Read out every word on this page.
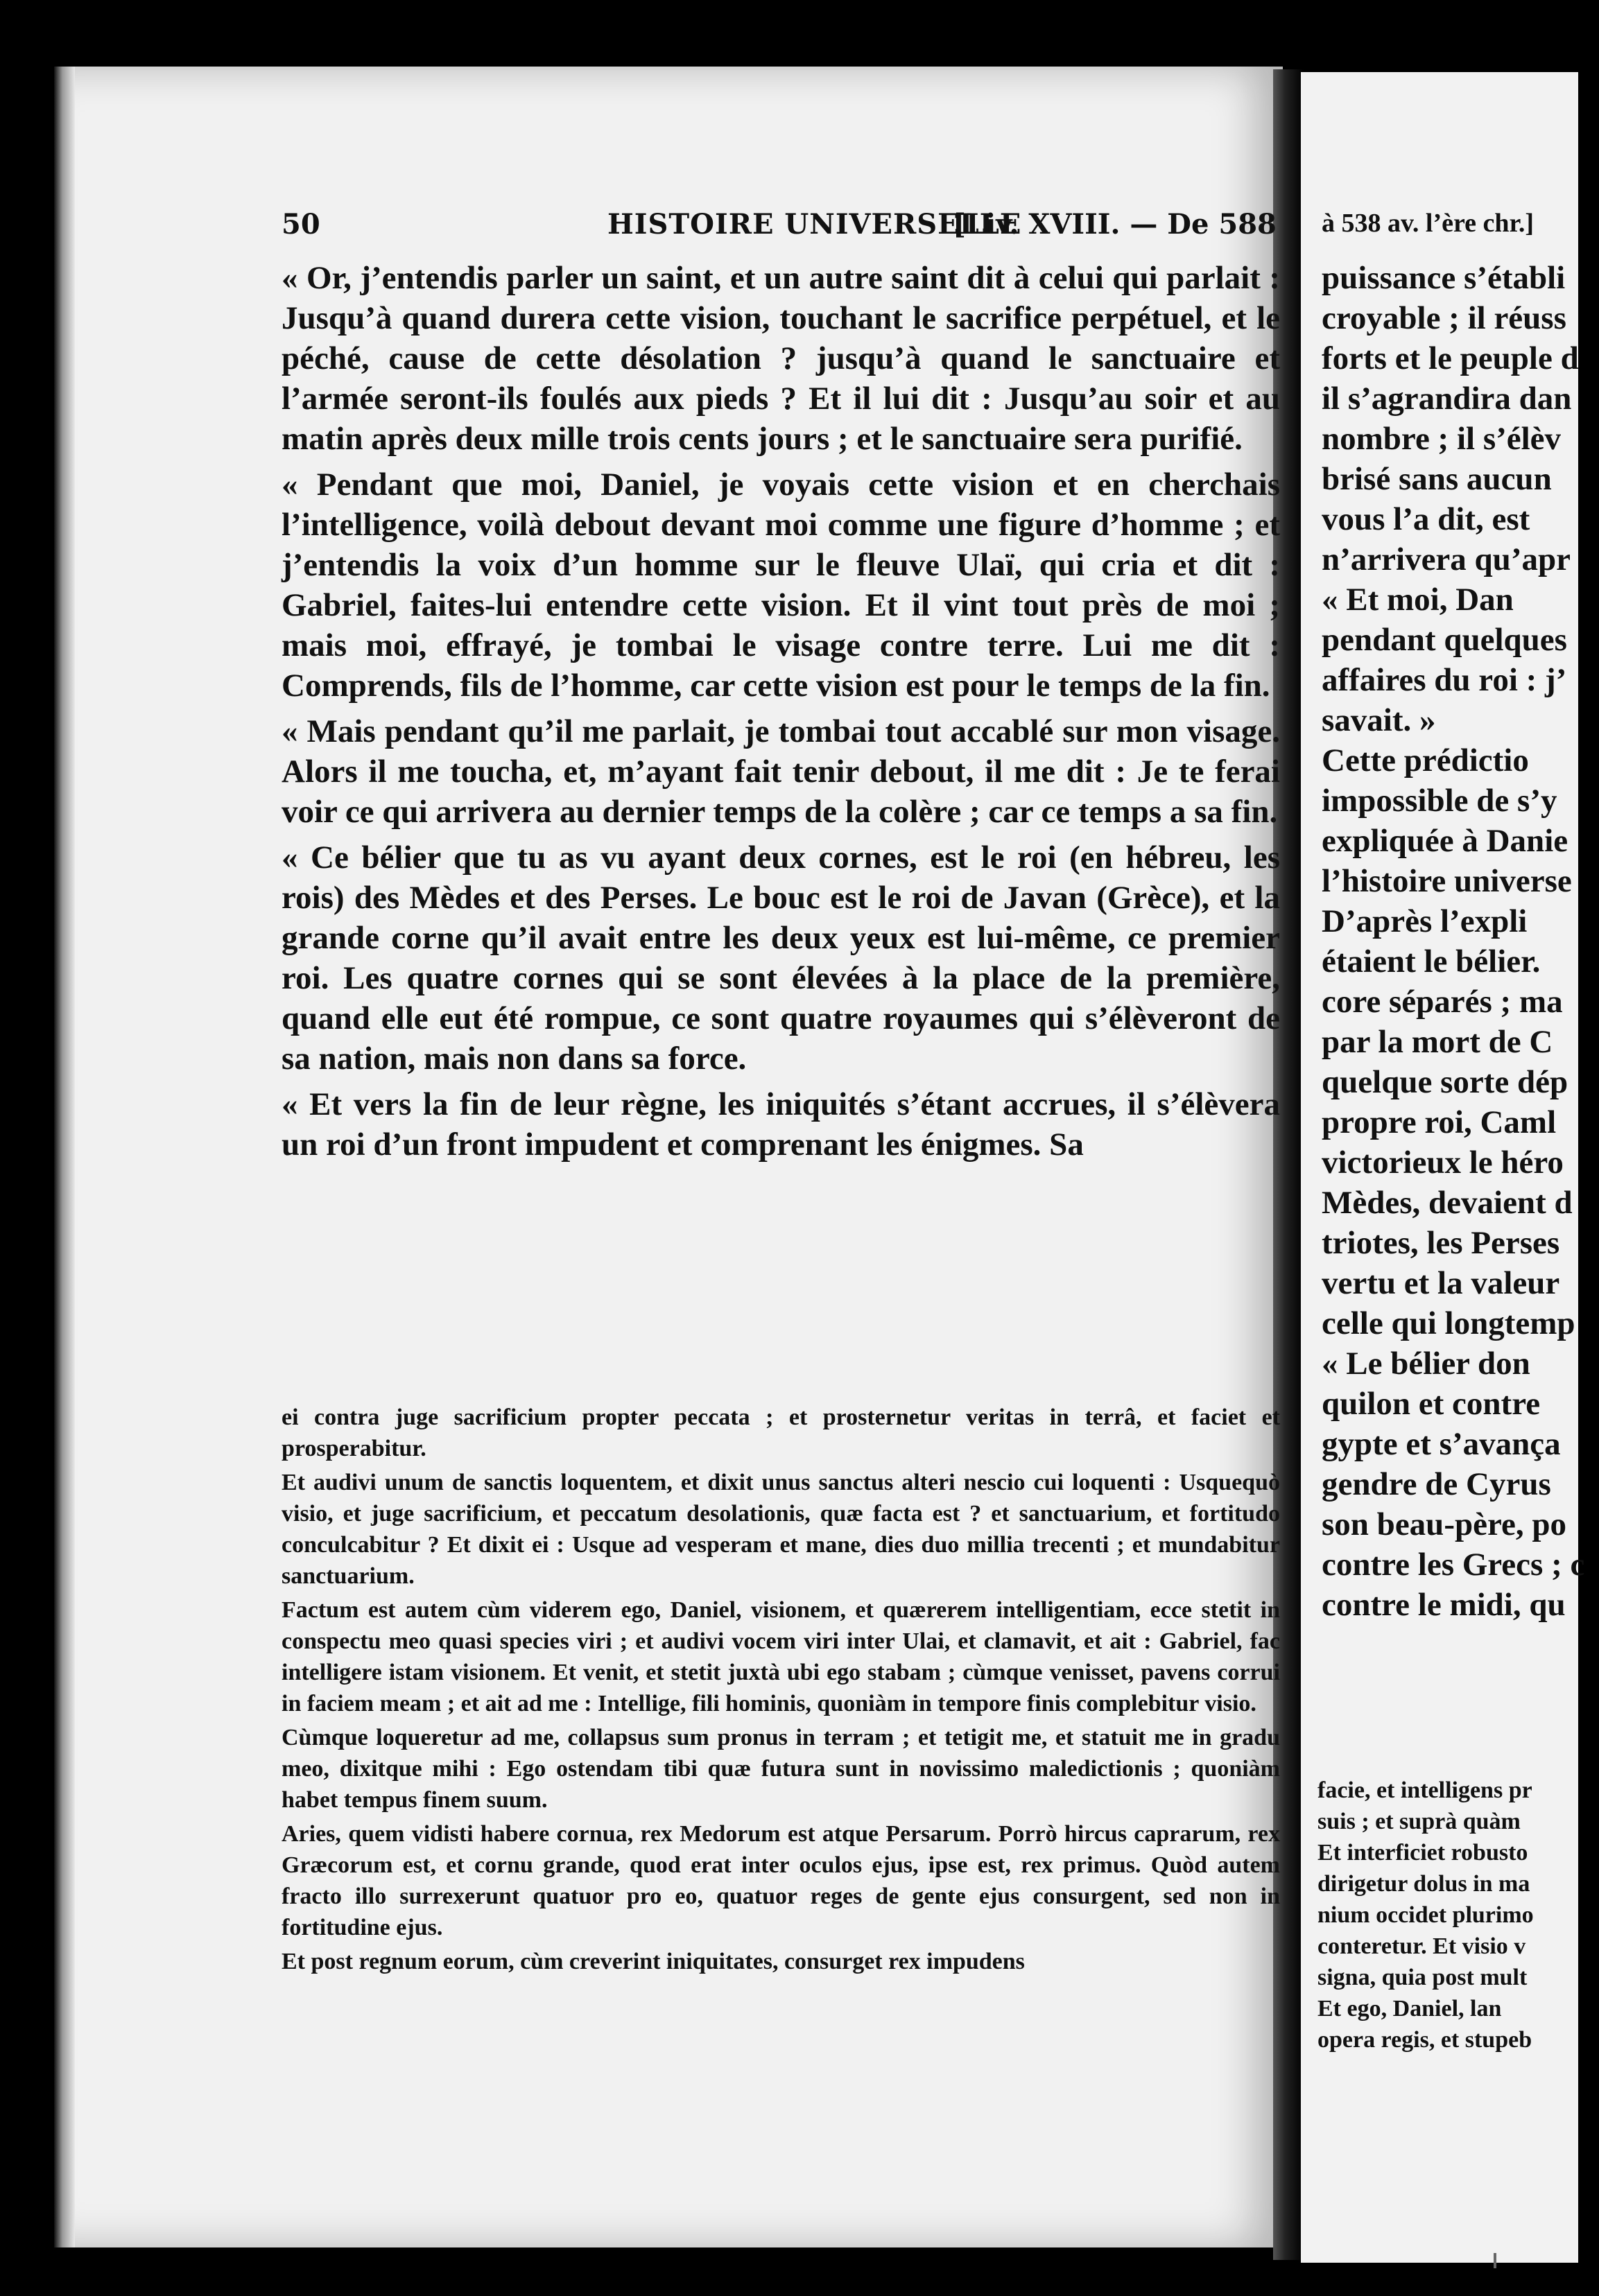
50	HISTOIRE UNIVERSELLE
[Liv. XVIII. — De 588

« Or, j’entendis parler un saint, et un autre saint dit à celui qui parlait : Jusqu’à quand durera cette vision, touchant le sacrifice perpétuel, et le péché, cause de cette désolation ? jusqu’à quand le sanctuaire et l’armée seront-ils foulés aux pieds ? Et il lui dit : Jusqu’au soir et au matin après deux mille trois cents jours ; et le sanctuaire sera purifié.

« Pendant que moi, Daniel, je voyais cette vision et en cherchais l’intelligence, voilà debout devant moi comme une figure d’homme ; et j’entendis la voix d’un homme sur le fleuve Ulaï, qui cria et dit : Gabriel, faites-lui entendre cette vision. Et il vint tout près de moi ; mais moi, effrayé, je tombai le visage contre terre. Lui me dit : Comprends, fils de l’homme, car cette vision est pour le temps de la fin.

« Mais pendant qu’il me parlait, je tombai tout accablé sur mon visage. Alors il me toucha, et, m’ayant fait tenir debout, il me dit : Je te ferai voir ce qui arrivera au dernier temps de la colère ; car ce temps a sa fin.

« Ce bélier que tu as vu ayant deux cornes, est le roi (en hébreu, les rois) des Mèdes et des Perses. Le bouc est le roi de Javan (Grèce), et la grande corne qu’il avait entre les deux yeux est lui-même, ce premier roi. Les quatre cornes qui se sont élevées à la place de la première, quand elle eut été rompue, ce sont quatre royaumes qui s’élèveront de sa nation, mais non dans sa force.

« Et vers la fin de leur règne, les iniquités s’étant accrues, il s’élèvera un roi d’un front impudent et comprenant les énigmes. Sa

ei contra juge sacrificium propter peccata ; et prosternetur veritas in terrâ, et faciet et prosperabitur.

Et audivi unum de sanctis loquentem, et dixit unus sanctus alteri nescio cui loquenti : Usquequò visio, et juge sacrificium, et peccatum desolationis, quæ facta est ? et sanctuarium, et fortitudo conculcabitur ? Et dixit ei : Usque ad vesperam et mane, dies duo millia trecenti ; et mundabitur sanctuarium.

Factum est autem cùm viderem ego, Daniel, visionem, et quærerem intelligentiam, ecce stetit in conspectu meo quasi species viri ; et audivi vocem viri inter Ulai, et clamavit, et ait : Gabriel, fac intelligere istam visionem. Et venit, et stetit juxtà ubi ego stabam ; cùmque venisset, pavens corrui in faciem meam ; et ait ad me : Intellige, fili hominis, quoniàm in tempore finis complebitur visio.

Cùmque loqueretur ad me, collapsus sum pronus in terram ; et tetigit me, et statuit me in gradu meo, dixitque mihi : Ego ostendam tibi quæ futura sunt in novissimo maledictionis ; quoniàm habet tempus finem suum.

Aries, quem vidisti habere cornua, rex Medorum est atque Persarum. Porrò hircus caprarum, rex Græcorum est, et cornu grande, quod erat inter oculos ejus, ipse est, rex primus. Quòd autem fracto illo surrexerunt quatuor pro eo, quatuor reges de gente ejus consurgent, sed non in fortitudine ejus.

Et post regnum eorum, cùm creverint iniquitates, consurget rex impudens

à 538 av. l’ère chr.]
puissance s’établi
croyable ; il réuss
forts et le peuple d
il s’agrandira dan
nombre ; il s’élèv
brisé sans aucun
vous l’a dit, est
n’arrivera qu’apr
« Et moi, Dan
pendant quelques
affaires du roi : j’
savait. »
Cette prédictio
impossible de s’y
expliquée à Danie
l’histoire universe
D’après l’expli
étaient le bélier.
core séparés ; ma
par la mort de C
quelque sorte dép
propre roi, Caml
victorieux le héro
Mèdes, devaient d
triotes, les Perses
vertu et la valeur
celle qui longtemp
« Le bélier don
quilon et contre
gypte et s’avança
gendre de Cyrus
son beau-père, po
contre les Grecs ; c
contre le midi, qu
faciе, et intelligens pr
suis ; et suprà quàm
Et interficiet robusto
dirigetur dolus in ma
nium occidet plurimo
conteretur. Et visio v
signa, quia post mult
Et ego, Daniel, lan
opera regis, et stupeb
